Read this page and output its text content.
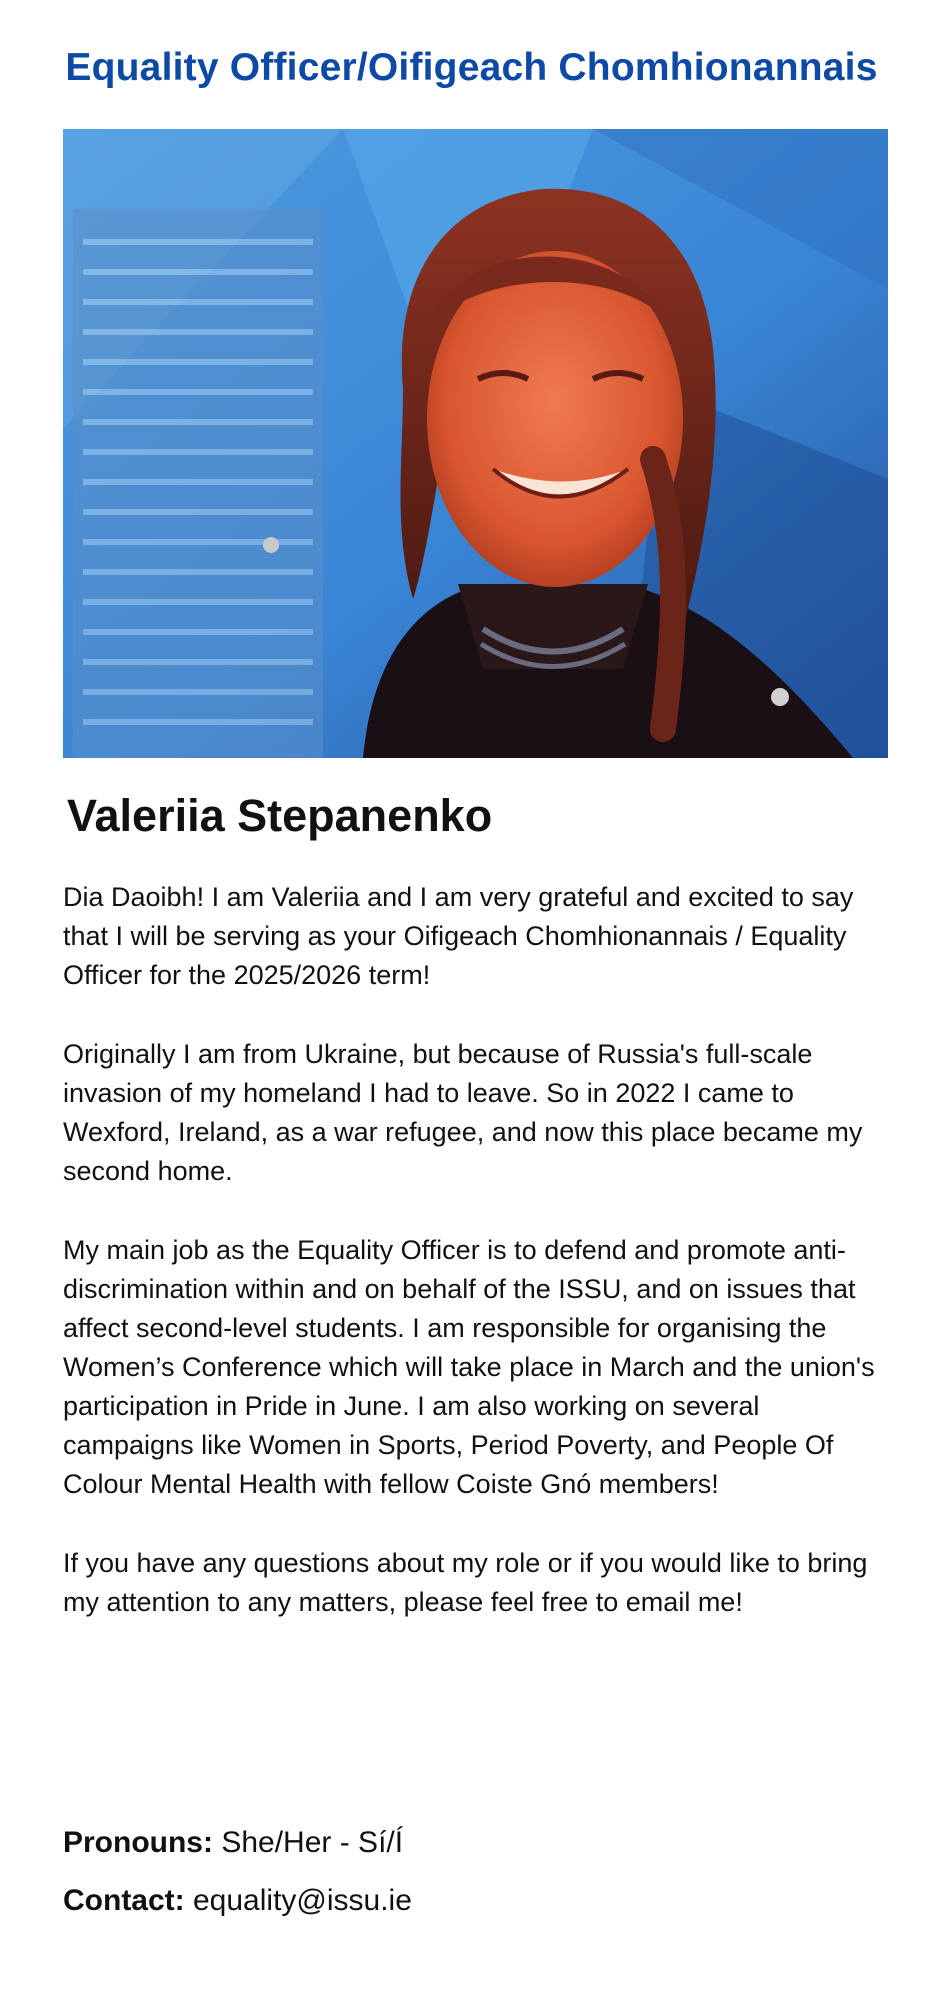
Equality Officer/Oifigeach Chomhionannais
Valeriia Stepanenko

Dia Daoibh! I am Valeriia and I am very grateful and excited to say that I will be serving as your Oifigeach Chomhionannais / Equality Officer for the 2025/2026 term!

Originally I am from Ukraine, but because of Russia's full-scale invasion of my homeland I had to leave. So in 2022 I came to Wexford, Ireland, as a war refugee, and now this place became my second home.

My main job as the Equality Officer is to defend and promote anti-discrimination within and on behalf of the ISSU, and on issues that affect second-level students. I am responsible for organising the Women’s Conference which will take place in March and the union's participation in Pride in June. I am also working on several campaigns like Women in Sports, Period Poverty, and People Of Colour Mental Health with fellow Coiste Gnó members!

If you have any questions about my role or if you would like to bring my attention to any matters, please feel free to email me!

Pronouns: She/Her - Sí/Í
Contact: equality@issu.ie
